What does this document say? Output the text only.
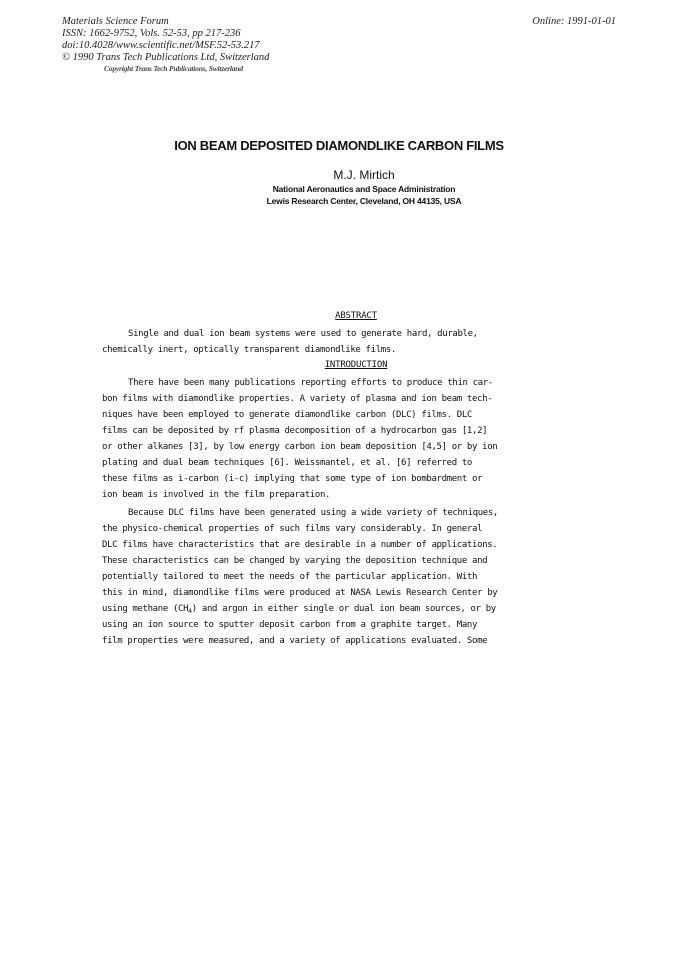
Materials Science Forum
ISSN: 1662-9752, Vols. 52-53, pp 217-236
doi:10.4028/www.scientific.net/MSF.52-53.217
© 1990 Trans Tech Publications Ltd, Switzerland
Online: 1991-01-01
Copyright Trans Tech Publications, Switzerland
ION BEAM DEPOSITED DIAMONDLIKE CARBON FILMS
M.J. Mirtich
National Aeronautics and Space Administration
Lewis Research Center, Cleveland, OH 44135, USA
ABSTRACT
Single and dual ion beam systems were used to generate hard, durable,
chemically inert, optically transparent diamondlike films.
INTRODUCTION
There have been many publications reporting efforts to produce thin car-
bon films with diamondlike properties. A variety of plasma and ion beam tech-
niques have been employed to generate diamondlike carbon (DLC) films. DLC
films can be deposited by rf plasma decomposition of a hydrocarbon gas [1,2]
or other alkanes [3], by low energy carbon ion beam deposition [4,5] or by ion
plating and dual beam techniques [6]. Weissmantel, et al. [6] referred to
these films as i-carbon (i-c) implying that some type of ion bombardment or
ion beam is involved in the film preparation.
Because DLC films have been generated using a wide variety of techniques,
the physico-chemical properties of such films vary considerably. In general
DLC films have characteristics that are desirable in a number of applications.
These characteristics can be changed by varying the deposition technique and
potentially tailored to meet the needs of the particular application. With
this in mind, diamondlike films were produced at NASA Lewis Research Center by
using methane $(CH_4)$ and argon in either single or dual ion beam sources, or by
using an ion source to sputter deposit carbon from a graphite target. Many
film properties were measured, and a variety of applications evaluated. Some
